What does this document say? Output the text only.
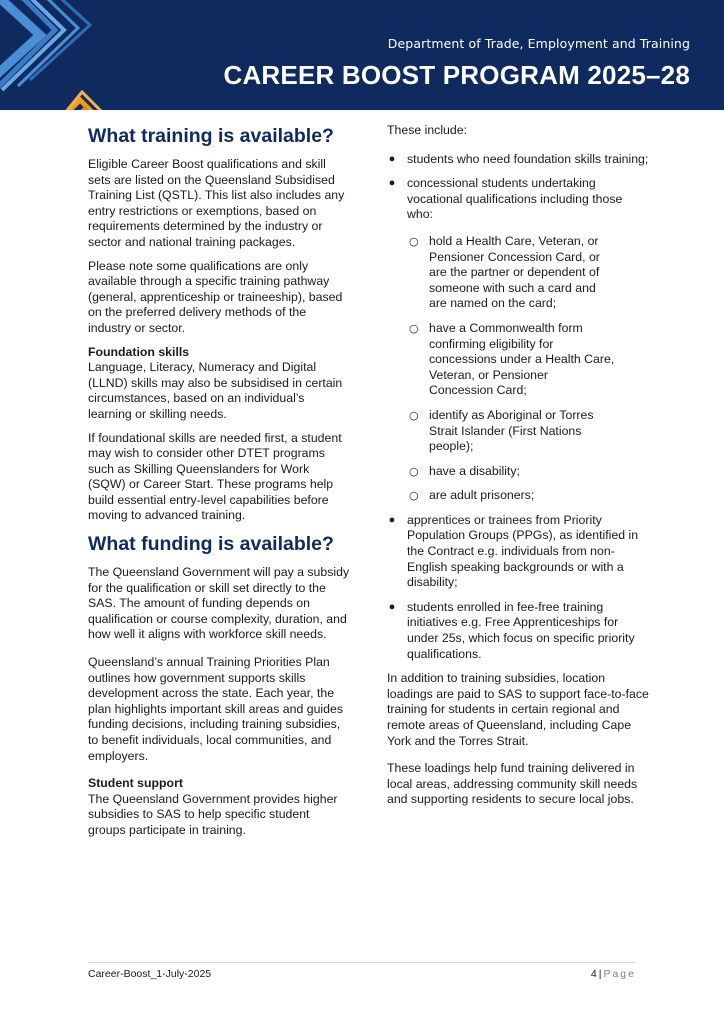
Department of Trade, Employment and Training
CAREER BOOST PROGRAM 2025–28
What training is available?

Eligible Career Boost qualifications and skill sets are listed on the Queensland Subsidised Training List (QSTL). This list also includes any entry restrictions or exemptions, based on requirements determined by the industry or sector and national training packages.

Please note some qualifications are only available through a specific training pathway (general, apprenticeship or traineeship), based on the preferred delivery methods of the industry or sector.

Foundation skills

Language, Literacy, Numeracy and Digital (LLND) skills may also be subsidised in certain circumstances, based on an individual’s learning or skilling needs.

If foundational skills are needed first, a student may wish to consider other DTET programs such as Skilling Queenslanders for Work (SQW) or Career Start. These programs help build essential entry-level capabilities before moving to advanced training.

What funding is available?

The Queensland Government will pay a subsidy for the qualification or skill set directly to the SAS. The amount of funding depends on qualification or course complexity, duration, and how well it aligns with workforce skill needs.

Queensland’s annual Training Priorities Plan outlines how government supports skills development across the state. Each year, the plan highlights important skill areas and guides funding decisions, including training subsidies, to benefit individuals, local communities, and employers.

Student support

The Queensland Government provides higher subsidies to SAS to help specific student groups participate in training.

These include:

● students who need foundation skills training;
● concessional students undertaking vocational qualifications including those who:
○ hold a Health Care, Veteran, or Pensioner Concession Card, or are the partner or dependent of someone with such a card and are named on the card;
○ have a Commonwealth form confirming eligibility for concessions under a Health Care, Veteran, or Pensioner Concession Card;
○ identify as Aboriginal or Torres Strait Islander (First Nations people);
○ have a disability;
○ are adult prisoners;
● apprentices or trainees from Priority Population Groups (PPGs), as identified in the Contract e.g. individuals from non-English speaking backgrounds or with a disability;
● students enrolled in fee-free training initiatives e.g. Free Apprenticeships for under 25s, which focus on specific priority qualifications.

In addition to training subsidies, location loadings are paid to SAS to support face-to-face training for students in certain regional and remote areas of Queensland, including Cape York and the Torres Strait.

These loadings help fund training delivered in local areas, addressing community skill needs and supporting residents to secure local jobs.

Career-Boost_1-July-2025	4 | Page
